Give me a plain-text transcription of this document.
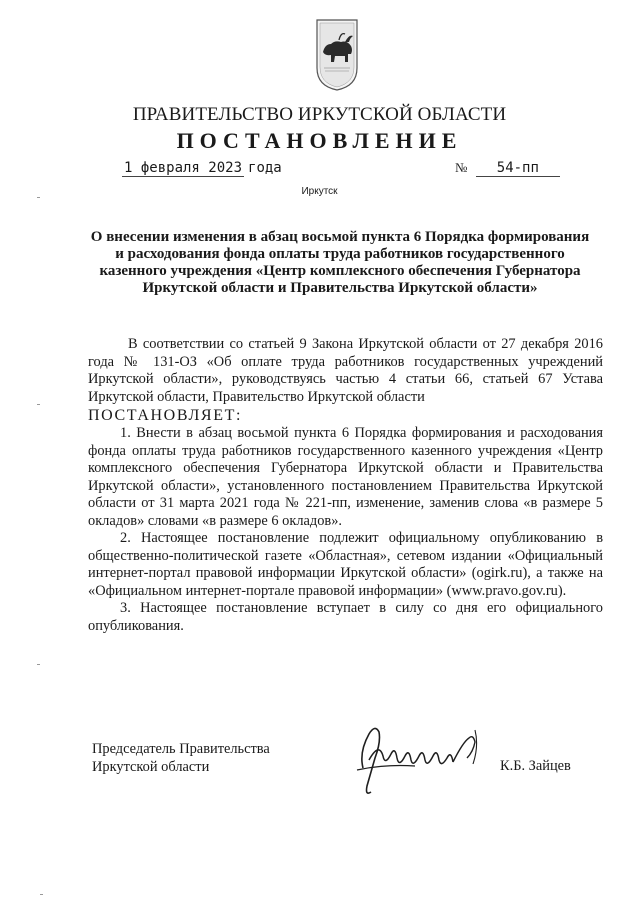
ПРАВИТЕЛЬСТВО ИРКУТСКОЙ ОБЛАСТИ
ПОСТАНОВЛЕНИЕ
1 февраля 2023 года	№ 54-пп
Иркутск
О внесении изменения в абзац восьмой пункта 6 Порядка формирования и расходования фонда оплаты труда работников государственного казенного учреждения «Центр комплексного обеспечения Губернатора Иркутской области и Правительства Иркутской области»

В соответствии со статьей 9 Закона Иркутской области от 27 декабря 2016 года № 131-ОЗ «Об оплате труда работников государственных учреждений Иркутской области», руководствуясь частью 4 статьи 66, статьей 67 Устава Иркутской области, Правительство Иркутской области

ПОСТАНОВЛЯЕТ:

1. Внести в абзац восьмой пункта 6 Порядка формирования и расходования фонда оплаты труда работников государственного казенного учреждения «Центр комплексного обеспечения Губернатора Иркутской области и Правительства Иркутской области», установленного постановлением Правительства Иркутской области от 31 марта 2021 года № 221-пп, изменение, заменив слова «в размере 5 окладов» словами «в размере 6 окладов».

2. Настоящее постановление подлежит официальному опубликованию в общественно-политической газете «Областная», сетевом издании «Официальный интернет-портал правовой информации Иркутской области» (ogirk.ru), а также на «Официальном интернет-портале правовой информации» (www.pravo.gov.ru).

3. Настоящее постановление вступает в силу со дня его официального опубликования.

Председатель Правительства
Иркутской области	К.Б. Зайцев
